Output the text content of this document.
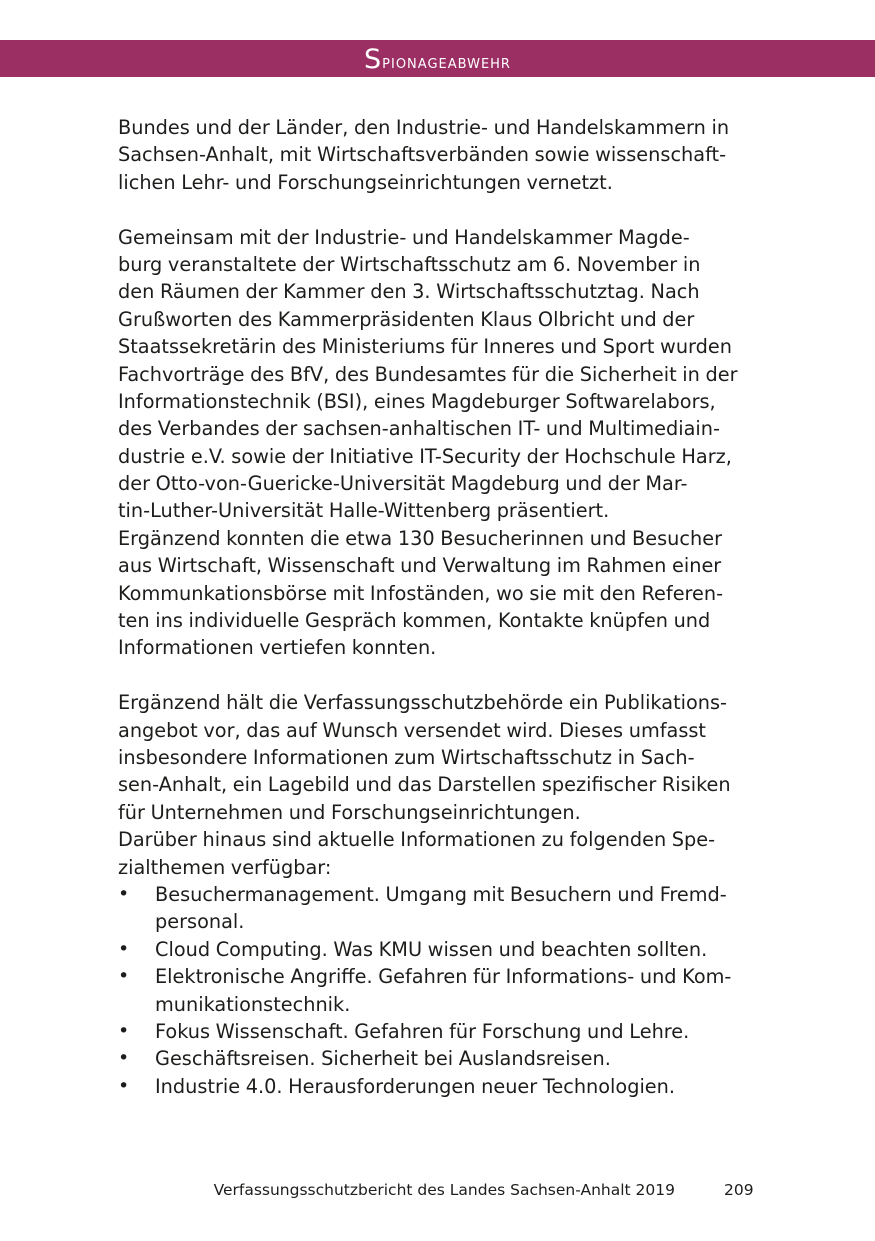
Spionageabwehr
Bundes und der Länder, den Industrie- und Handelskammern in
Sachsen-Anhalt, mit Wirtschaftsverbänden sowie wissenschaft-
lichen Lehr- und Forschungseinrichtungen vernetzt.
Gemeinsam mit der Industrie- und Handelskammer Magde-
burg veranstaltete der Wirtschaftsschutz am 6. November in
den Räumen der Kammer den 3. Wirtschaftsschutztag. Nach
Grußworten des Kammerpräsidenten Klaus Olbricht und der
Staatssekretärin des Ministeriums für Inneres und Sport wurden
Fachvorträge des BfV, des Bundesamtes für die Sicherheit in der
Informationstechnik (BSI), eines Magdeburger Softwarelabors,
des Verbandes der sachsen-anhaltischen IT- und Multimediain-
dustrie e.V. sowie der Initiative IT-Security der Hochschule Harz,
der Otto-von-Guericke-Universität Magdeburg und der Mar-
tin-Luther-Universität Halle-Wittenberg präsentiert.
Ergänzend konnten die etwa 130 Besucherinnen und Besucher
aus Wirtschaft, Wissenschaft und Verwaltung im Rahmen einer
Kommunkationsbörse mit Infoständen, wo sie mit den Referen-
ten ins individuelle Gespräch kommen, Kontakte knüpfen und
Informationen vertiefen konnten.
Ergänzend hält die Verfassungsschutzbehörde ein Publikations-
angebot vor, das auf Wunsch versendet wird. Dieses umfasst
insbesondere Informationen zum Wirtschaftsschutz in Sach-
sen-Anhalt, ein Lagebild und das Darstellen spezifischer Risiken
für Unternehmen und Forschungseinrichtungen.
Darüber hinaus sind aktuelle Informationen zu folgenden Spe-
zialthemen verfügbar:
• Besuchermanagement. Umgang mit Besuchern und Fremd-
personal.
• Cloud Computing. Was KMU wissen und beachten sollten.
• Elektronische Angriffe. Gefahren für Informations- und Kom-
munikationstechnik.
• Fokus Wissenschaft. Gefahren für Forschung und Lehre.
• Geschäftsreisen. Sicherheit bei Auslandsreisen.
• Industrie 4.0. Herausforderungen neuer Technologien.
Verfassungsschutzbericht des Landes Sachsen-Anhalt 2019	209
